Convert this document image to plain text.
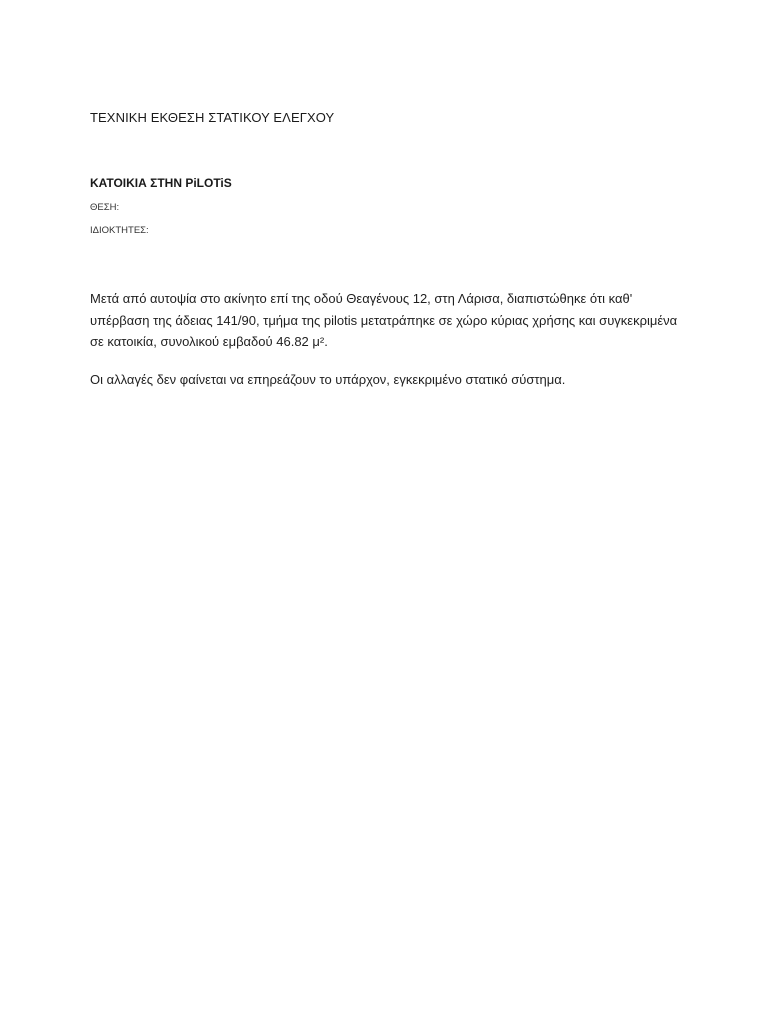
ΤΕΧΝΙΚΗ ΕΚΘΕΣΗ ΣΤΑΤΙΚΟΥ ΕΛΕΓΧΟΥ
ΚΑΤΟΙΚΙΑ ΣΤΗΝ PiLOTiS
ΘΕΣΗ:
ΙΔΙΟΚΤΗΤΕΣ:

Μετά από αυτοψία στο ακίνητο επί της οδού Θεαγένους 12, στη Λάρισα, διαπιστώθηκε ότι καθ' υπέρβαση της άδειας 141/90, τμήμα της pilotis μετατράπηκε σε χώρο κύριας χρήσης και συγκεκριμένα σε κατοικία, συνολικού εμβαδού 46.82 μ².

Οι αλλαγές δεν φαίνεται να επηρεάζουν το υπάρχον, εγκεκριμένο στατικό σύστημα.
